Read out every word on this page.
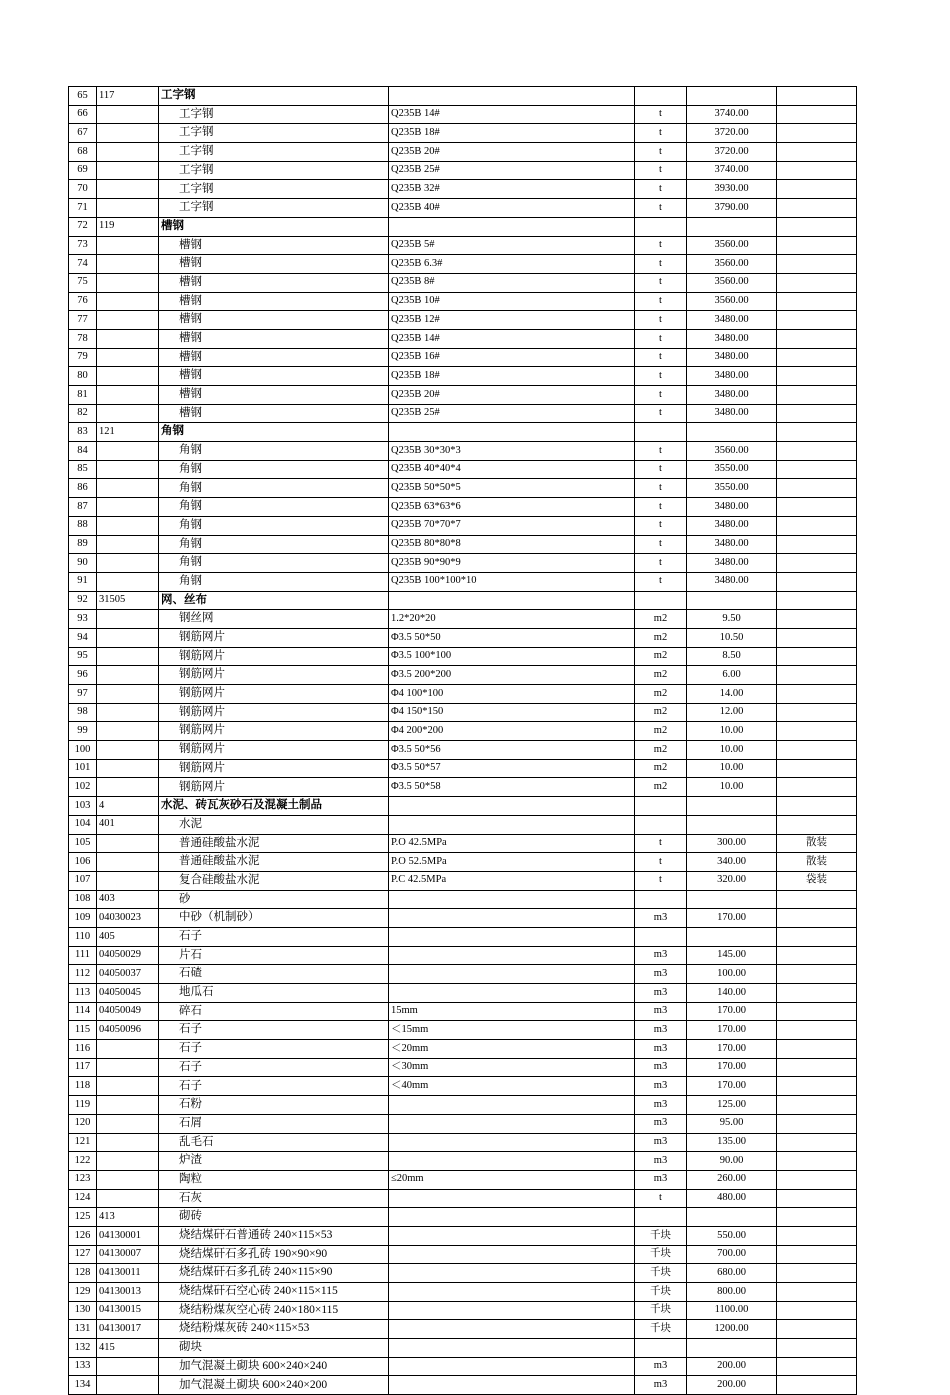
65	117	工字钢				
66		工字钢	Q235B 14#	t	3740.00	
67		工字钢	Q235B 18#	t	3720.00	
68		工字钢	Q235B 20#	t	3720.00	
69		工字钢	Q235B 25#	t	3740.00	
70		工字钢	Q235B 32#	t	3930.00	
71		工字钢	Q235B 40#	t	3790.00	
72	119	槽钢				
73		槽钢	Q235B 5#	t	3560.00	
74		槽钢	Q235B 6.3#	t	3560.00	
75		槽钢	Q235B 8#	t	3560.00	
76		槽钢	Q235B 10#	t	3560.00	
77		槽钢	Q235B 12#	t	3480.00	
78		槽钢	Q235B 14#	t	3480.00	
79		槽钢	Q235B 16#	t	3480.00	
80		槽钢	Q235B 18#	t	3480.00	
81		槽钢	Q235B 20#	t	3480.00	
82		槽钢	Q235B 25#	t	3480.00	
83	121	角钢				
84		角钢	Q235B 30*30*3	t	3560.00	
85		角钢	Q235B 40*40*4	t	3550.00	
86		角钢	Q235B 50*50*5	t	3550.00	
87		角钢	Q235B 63*63*6	t	3480.00	
88		角钢	Q235B 70*70*7	t	3480.00	
89		角钢	Q235B 80*80*8	t	3480.00	
90		角钢	Q235B 90*90*9	t	3480.00	
91		角钢	Q235B 100*100*10	t	3480.00	
92	31505	网、丝布				
93		钢丝网	1.2*20*20	m2	9.50	
94		钢筋网片	Φ3.5 50*50	m2	10.50	
95		钢筋网片	Φ3.5 100*100	m2	8.50	
96		钢筋网片	Φ3.5 200*200	m2	6.00	
97		钢筋网片	Φ4 100*100	m2	14.00	
98		钢筋网片	Φ4 150*150	m2	12.00	
99		钢筋网片	Φ4 200*200	m2	10.00	
100		钢筋网片	Φ3.5 50*56	m2	10.00	
101		钢筋网片	Φ3.5 50*57	m2	10.00	
102		钢筋网片	Φ3.5 50*58	m2	10.00	
103	4	水泥、砖瓦灰砂石及混凝土制品				
104	401	水泥				
105		普通硅酸盐水泥	P.O 42.5MPa	t	300.00	散装
106		普通硅酸盐水泥	P.O 52.5MPa	t	340.00	散装
107		复合硅酸盐水泥	P.C 42.5MPa	t	320.00	袋装
108	403	砂				
109	04030023	中砂（机制砂）		m3	170.00	
110	405	石子				
111	04050029	片石		m3	145.00	
112	04050037	石碴		m3	100.00	
113	04050045	地瓜石		m3	140.00	
114	04050049	碎石	15mm	m3	170.00	
115	04050096	石子	＜15mm	m3	170.00	
116		石子	＜20mm	m3	170.00	
117		石子	＜30mm	m3	170.00	
118		石子	＜40mm	m3	170.00	
119		石粉		m3	125.00	
120		石屑		m3	95.00	
121		乱毛石		m3	135.00	
122		炉渣		m3	90.00	
123		陶粒	≤20mm	m3	260.00	
124		石灰		t	480.00	
125	413	砌砖				
126	04130001	烧结煤矸石普通砖 240×115×53		千块	550.00	
127	04130007	烧结煤矸石多孔砖 190×90×90		千块	700.00	
128	04130011	烧结煤矸石多孔砖 240×115×90		千块	680.00	
129	04130013	烧结煤矸石空心砖 240×115×115		千块	800.00	
130	04130015	烧结粉煤灰空心砖 240×180×115		千块	1100.00	
131	04130017	烧结粉煤灰砖 240×115×53		千块	1200.00	
132	415	砌块				
133		加气混凝土砌块 600×240×240		m3	200.00	
134		加气混凝土砌块 600×240×200		m3	200.00	
